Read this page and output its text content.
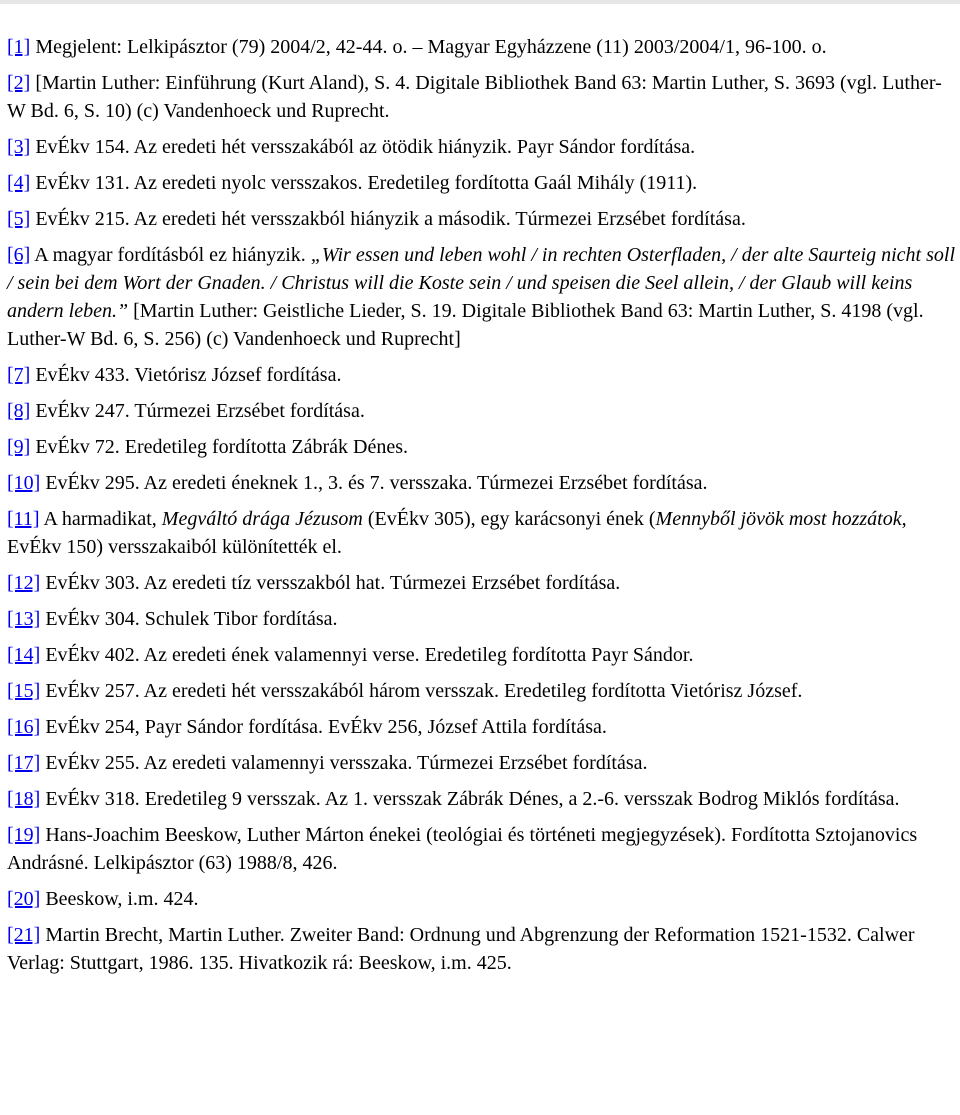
[1] Megjelent: Lelkipásztor (79) 2004/2, 42-44. o. – Magyar Egyházzene (11) 2003/2004/1, 96-100. o.
[2] [Martin Luther: Einführung (Kurt Aland), S. 4. Digitale Bibliothek Band 63: Martin Luther, S. 3693 (vgl. Luther-W Bd. 6, S. 10) (c) Vandenhoeck und Ruprecht.
[3] EvÉkv 154. Az eredeti hét versszakából az ötödik hiányzik. Payr Sándor fordítása.
[4] EvÉkv 131. Az eredeti nyolc versszakos. Eredetileg fordította Gaál Mihály (1911).
[5] EvÉkv 215. Az eredeti hét versszakból hiányzik a második. Túrmezei Erzsébet fordítása.
[6] A magyar fordításból ez hiányzik. „Wir essen und leben wohl / in rechten Osterfladen, / der alte Saurteig nicht soll / sein bei dem Wort der Gnaden. / Christus will die Koste sein / und speisen die Seel allein, / der Glaub will keins andern leben.” [Martin Luther: Geistliche Lieder, S. 19. Digitale Bibliothek Band 63: Martin Luther, S. 4198 (vgl. Luther-W Bd. 6, S. 256) (c) Vandenhoeck und Ruprecht]
[7] EvÉkv 433. Vietórisz József fordítása.
[8] EvÉkv 247. Túrmezei Erzsébet fordítása.
[9] EvÉkv 72. Eredetileg fordította Zábrák Dénes.
[10] EvÉkv 295. Az eredeti éneknek 1., 3. és 7. versszaka. Túrmezei Erzsébet fordítása.
[11] A harmadikat, Megváltó drága Jézusom (EvÉkv 305), egy karácsonyi ének (Mennyből jövök most hozzátok, EvÉkv 150) versszakaiból különítették el.
[12] EvÉkv 303. Az eredeti tíz versszakból hat. Túrmezei Erzsébet fordítása.
[13] EvÉkv 304. Schulek Tibor fordítása.
[14] EvÉkv 402. Az eredeti ének valamennyi verse. Eredetileg fordította Payr Sándor.
[15] EvÉkv 257. Az eredeti hét versszakából három versszak. Eredetileg fordította Vietórisz József.
[16] EvÉkv 254, Payr Sándor fordítása. EvÉkv 256, József Attila fordítása.
[17] EvÉkv 255. Az eredeti valamennyi versszaka. Túrmezei Erzsébet fordítása.
[18] EvÉkv 318. Eredetileg 9 versszak. Az 1. versszak Zábrák Dénes, a 2.-6. versszak Bodrog Miklós fordítása.
[19] Hans-Joachim Beeskow, Luther Márton énekei (teológiai és történeti megjegyzések). Fordította Sztojanovics Andrásné. Lelkipásztor (63) 1988/8, 426.
[20] Beeskow, i.m. 424.
[21] Martin Brecht, Martin Luther. Zweiter Band: Ordnung und Abgrenzung der Reformation 1521-1532. Calwer Verlag: Stuttgart, 1986. 135. Hivatkozik rá: Beeskow, i.m. 425.
